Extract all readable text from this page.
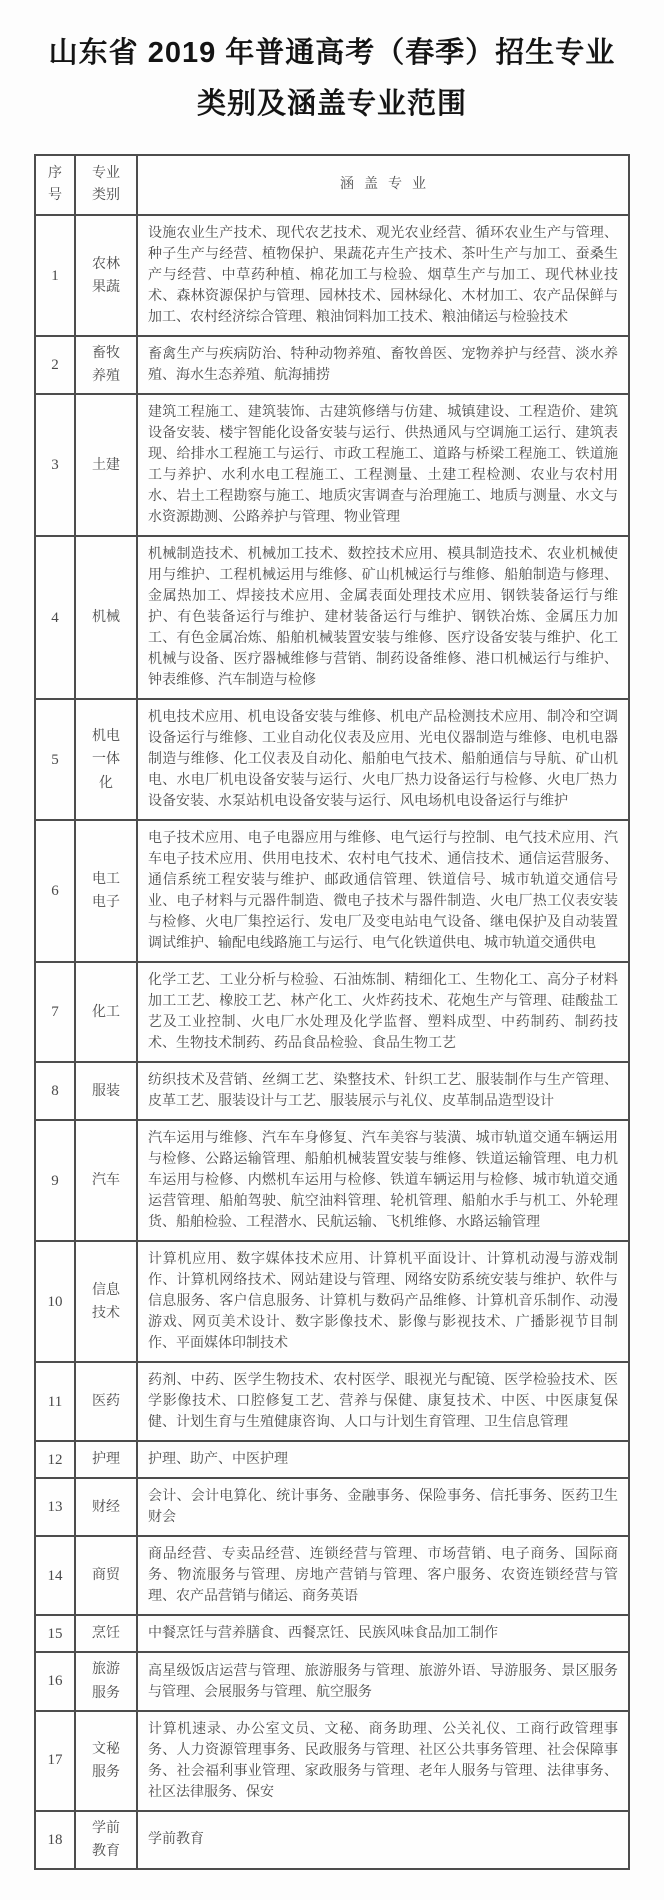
山东省 2019 年普通高考（春季）招生专业
类别及涵盖专业范围
序号	专业类别	涵盖专业
1	农林果蔬	设施农业生产技术、现代农艺技术、观光农业经营、循环农业生产与管理、种子生产与经营、植物保护、果蔬花卉生产技术、茶叶生产与加工、蚕桑生产与经营、中草药种植、棉花加工与检验、烟草生产与加工、现代林业技术、森林资源保护与管理、园林技术、园林绿化、木材加工、农产品保鲜与加工、农村经济综合管理、粮油饲料加工技术、粮油储运与检验技术
2	畜牧养殖	畜禽生产与疾病防治、特种动物养殖、畜牧兽医、宠物养护与经营、淡水养殖、海水生态养殖、航海捕捞
3	土建	建筑工程施工、建筑装饰、古建筑修缮与仿建、城镇建设、工程造价、建筑设备安装、楼宇智能化设备安装与运行、供热通风与空调施工运行、建筑表现、给排水工程施工与运行、市政工程施工、道路与桥梁工程施工、铁道施工与养护、水利水电工程施工、工程测量、土建工程检测、农业与农村用水、岩土工程勘察与施工、地质灾害调查与治理施工、地质与测量、水文与水资源勘测、公路养护与管理、物业管理
4	机械	机械制造技术、机械加工技术、数控技术应用、模具制造技术、农业机械使用与维护、工程机械运用与维修、矿山机械运行与维修、船舶制造与修理、金属热加工、焊接技术应用、金属表面处理技术应用、钢铁装备运行与维护、有色装备运行与维护、建材装备运行与维护、钢铁冶炼、金属压力加工、有色金属冶炼、船舶机械装置安装与维修、医疗设备安装与维护、化工机械与设备、医疗器械维修与营销、制药设备维修、港口机械运行与维护、钟表维修、汽车制造与检修
5	机电一体化	机电技术应用、机电设备安装与维修、机电产品检测技术应用、制冷和空调设备运行与维修、工业自动化仪表及应用、光电仪器制造与维修、电机电器制造与维修、化工仪表及自动化、船舶电气技术、船舶通信与导航、矿山机电、水电厂机电设备安装与运行、火电厂热力设备运行与检修、火电厂热力设备安装、水泵站机电设备安装与运行、风电场机电设备运行与维护
6	电工电子	电子技术应用、电子电器应用与维修、电气运行与控制、电气技术应用、汽车电子技术应用、供用电技术、农村电气技术、通信技术、通信运营服务、通信系统工程安装与维护、邮政通信管理、铁道信号、城市轨道交通信号业、电子材料与元器件制造、微电子技术与器件制造、火电厂热工仪表安装与检修、火电厂集控运行、发电厂及变电站电气设备、继电保护及自动装置调试维护、输配电线路施工与运行、电气化铁道供电、城市轨道交通供电
7	化工	化学工艺、工业分析与检验、石油炼制、精细化工、生物化工、高分子材料加工工艺、橡胶工艺、林产化工、火炸药技术、花炮生产与管理、硅酸盐工艺及工业控制、火电厂水处理及化学监督、塑料成型、中药制药、制药技术、生物技术制药、药品食品检验、食品生物工艺
8	服装	纺织技术及营销、丝绸工艺、染整技术、针织工艺、服装制作与生产管理、皮革工艺、服装设计与工艺、服装展示与礼仪、皮革制品造型设计
9	汽车	汽车运用与维修、汽车车身修复、汽车美容与装潢、城市轨道交通车辆运用与检修、公路运输管理、船舶机械装置安装与维修、铁道运输管理、电力机车运用与检修、内燃机车运用与检修、铁道车辆运用与检修、城市轨道交通运营管理、船舶驾驶、航空油料管理、轮机管理、船舶水手与机工、外轮理货、船舶检验、工程潜水、民航运输、飞机维修、水路运输管理
10	信息技术	计算机应用、数字媒体技术应用、计算机平面设计、计算机动漫与游戏制作、计算机网络技术、网站建设与管理、网络安防系统安装与维护、软件与信息服务、客户信息服务、计算机与数码产品维修、计算机音乐制作、动漫游戏、网页美术设计、数字影像技术、影像与影视技术、广播影视节目制作、平面媒体印制技术
11	医药	药剂、中药、医学生物技术、农村医学、眼视光与配镜、医学检验技术、医学影像技术、口腔修复工艺、营养与保健、康复技术、中医、中医康复保健、计划生育与生殖健康咨询、人口与计划生育管理、卫生信息管理
12	护理	护理、助产、中医护理
13	财经	会计、会计电算化、统计事务、金融事务、保险事务、信托事务、医药卫生财会
14	商贸	商品经营、专卖品经营、连锁经营与管理、市场营销、电子商务、国际商务、物流服务与管理、房地产营销与管理、客户服务、农资连锁经营与管理、农产品营销与储运、商务英语
15	烹饪	中餐烹饪与营养膳食、西餐烹饪、民族风味食品加工制作
16	旅游服务	高星级饭店运营与管理、旅游服务与管理、旅游外语、导游服务、景区服务与管理、会展服务与管理、航空服务
17	文秘服务	计算机速录、办公室文员、文秘、商务助理、公关礼仪、工商行政管理事务、人力资源管理事务、民政服务与管理、社区公共事务管理、社会保障事务、社会福利事业管理、家政服务与管理、老年人服务与管理、法律事务、社区法律服务、保安
18	学前教育	学前教育
